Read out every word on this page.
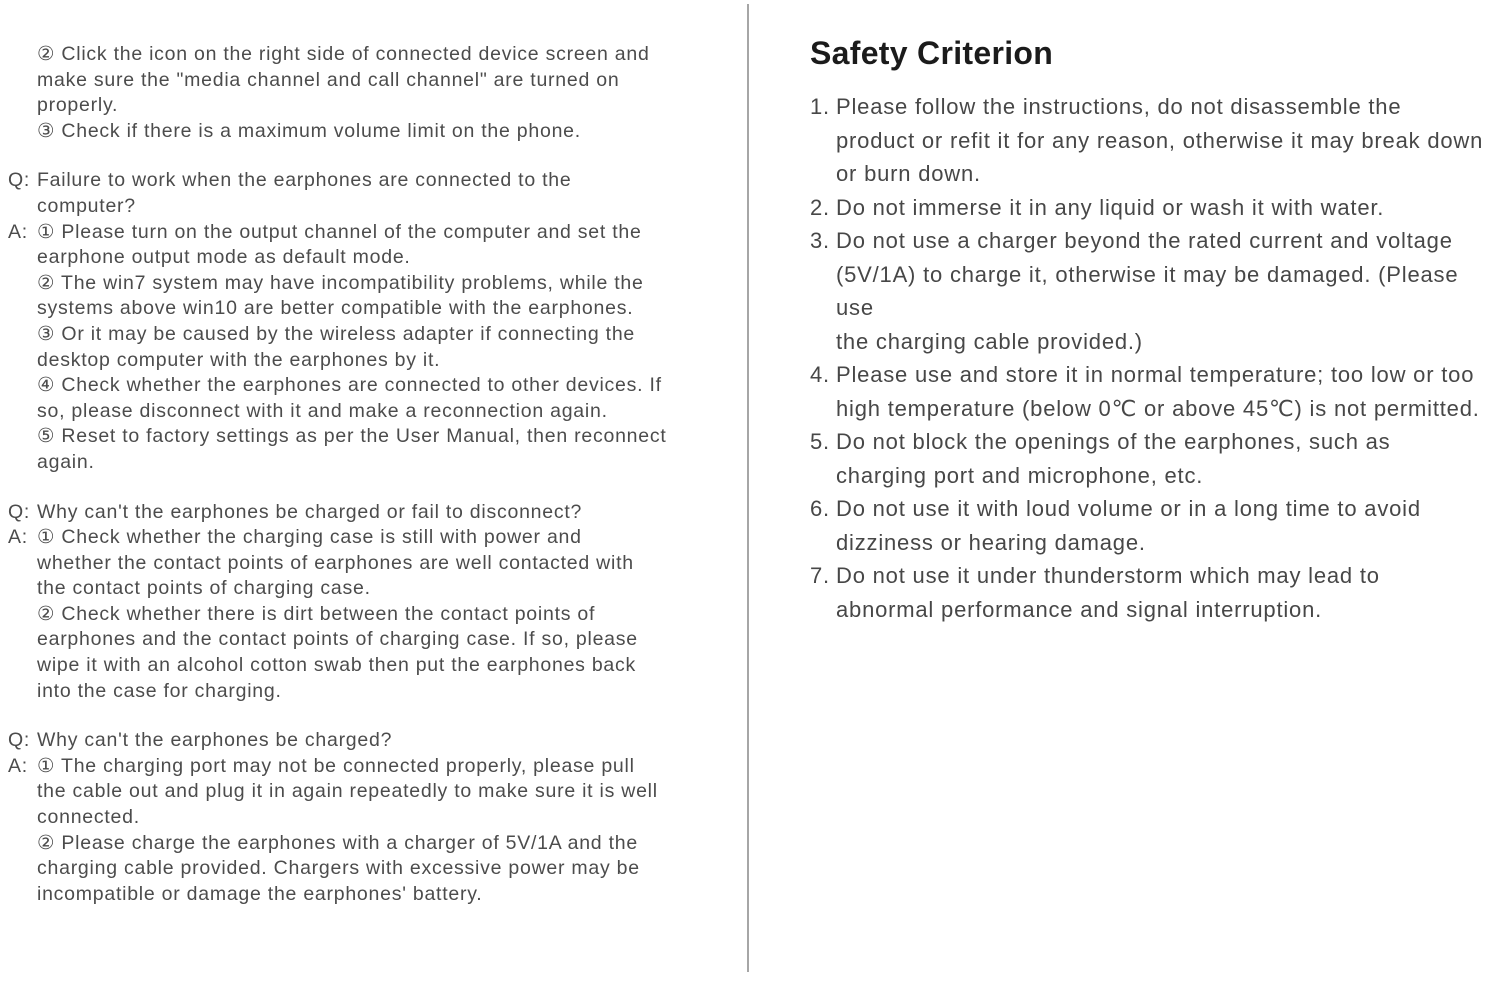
② Click the icon on the right side of connected device screen and
make sure the "media channel and call channel" are turned on
properly.
③ Check if there is a maximum volume limit on the phone.
Q: Failure to work when the earphones are connected to the
computer?
A: ① Please turn on the output channel of the computer and set the
earphone output mode as default mode.
② The win7 system may have incompatibility problems, while the
systems above win10 are better compatible with the earphones.
③ Or it may be caused by the wireless adapter if connecting the
desktop computer with the earphones by it.
④ Check whether the earphones are connected to other devices. If
so, please disconnect with it and make a reconnection again.
⑤ Reset to factory settings as per the User Manual, then reconnect
again.
Q: Why can't the earphones be charged or fail to disconnect?
A: ① Check whether the charging case is still with power and
whether the contact points of earphones are well contacted with
the contact points of charging case.
② Check whether there is dirt between the contact points of
earphones and the contact points of charging case. If so, please
wipe it with an alcohol cotton swab then put the earphones back
into the case for charging.
Q: Why can't the earphones be charged?
A: ① The charging port may not be connected properly, please pull
the cable out and plug it in again repeatedly to make sure it is well
connected.
② Please charge the earphones with a charger of 5V/1A and the
charging cable provided. Chargers with excessive power may be
incompatible or damage the earphones' battery.
Safety Criterion
1. Please follow the instructions, do not disassemble the
product or refit it for any reason, otherwise it may break down
or burn down.
2. Do not immerse it in any liquid or wash it with water.
3. Do not use a charger beyond the rated current and voltage
(5V/1A) to charge it, otherwise it may be damaged. (Please use
the charging cable provided.)
4. Please use and store it in normal temperature; too low or too
high temperature (below 0℃ or above 45℃) is not permitted.
5. Do not block the openings of the earphones, such as
charging port and microphone, etc.
6. Do not use it with loud volume or in a long time to avoid
dizziness or hearing damage.
7. Do not use it under thunderstorm which may lead to
abnormal performance and signal interruption.
